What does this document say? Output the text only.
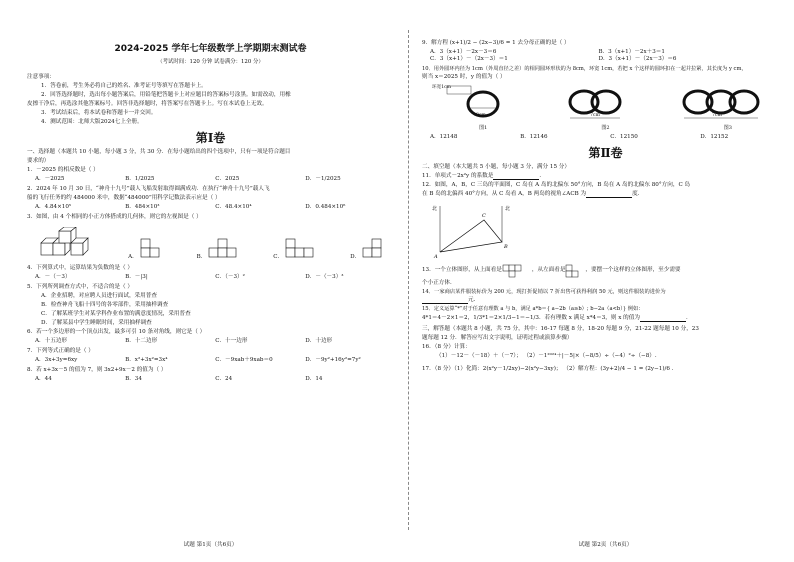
2024-2025 学年七年级数学上学期期末测试卷
（考试时间：120 分钟 试卷满分：120 分）
注意事项：
1．答卷前，考生务必将自己的姓名、准考证号等填写在答题卡上。
2．回答选择题时，选出每小题答案后，用铅笔把答题卡上对应题目的答案标号涂黑。如需改动，用橡
皮擦干净后，再选涂其他答案标号。回答非选择题时，将答案写在答题卡上。写在本试卷上无效。
3．考试结束后，将本试卷和答题卡一并交回。
4．测试范围：北师大版2024七上全册。
第Ⅰ卷
一、选择题（本题共 10 小题，每小题 3 分，共 30 分．在每小题给出的四个选项中，只有一项是符合题目
要求的）
1．－2025 的相反数是（ ）
A．－2025	B．1/2025	C．2025	D．－1/2025
2．2024 年 10 月 30 日，“神舟十九号”载人飞船发射取得圆满成功．在执行“神舟十九号”载人飞
船的飞行任务的约 484000 米中，数据“484000”用科学记数法表示应是（ ）
A．4.84×10⁵	B．484×10³	C．48.4×10⁴	D．0.484×10⁶
3．如图，由 4 个相同的小正方体搭成的几何体，则它的左视图是（ ）
A．	B．	C．	D．
4．下列算式中，运算结果为负数的是（ ）
A．－（－3）	B．－|3|	C．（－3）²	D．－（－3）³
5．下列所列调查方式中，不适合的是（ ）
A．企业招聘，对应聘人员进行面试，采用普查
B．检查神舟飞船十四号的各零部件，采用抽样调查
C．了解某班学生对某学科作业布置的满意度情况，采用普查
D．了解某县中学生睡眠时间，采用抽样调查
6．若一个多边形的一个顶点出发，最多可引 10 条对角线，则它是（ ）
A．十五边形	B．十二边形	C．十一边形	D．十边形
7．下列等式正确的是（ ）
A．3x+3y=6xy	B．x²+3x²=3x⁴	C．－9xab＋9xab＝0	D．－9y²+16y²=7y²
8．若 x+3x－5 的值为 7，则 3x2+9x－2 的值为（ ）
A．44	B．34	C．24	D．14
试题 第1页（共6页）
9．解方程 (x+1)/2 − (2x−3)/6 = 1 去分母正确的是（ ）
A．3（x+1）－2x－3＝6	B．3（x+1）－2x＋3＝1
C．3（x+1）－（2x－3）＝1	D．3（x+1）－（2x－3）＝6
10．用外圆环内径为 1cm（外周直径之差）的相同圆环形状的为 8cm，环宽 1cm，若把 x 个这样的圆环扣在一起并拉紧，其长度为 y cm，
则当 x＝2025 时，y 的值为（ ）
环宽1cm
8cm	7cm	7cm
图1	图2	图3
A．12148	B．12146	C．12150	D．12152
第Ⅱ卷
二、填空题（本大题共 5 小题，每小题 3 分，满分 15 分）
11．单项式－2x²y 的系数是	．
12．如图，A，B，C 三岛的平面图，C 岛在 A 岛的北偏东 50°方向，B 岛在 A 岛的北偏东 80°方向，C 岛
在 B 岛的北偏西 40°方向，从 C 岛看 A，B 两岛的视角∠ACB 为	度.
北	北
A
B
C
13．一个立体图形，从上面看是	，从左面看是	，要摆一个这样的立体图形，至少需要
个小正方体.
14．一家商店某件服装标价为 200 元，现打折促销以 7 折出售可获得利润 50 元，则这件服装的进价为
元.
15．定义运算“*”对于任意有理数 a 与 b，满足 a*b＝{ a−2b（a≥b）; b−2a（a<b）} 例如：
4*1＝4－2×1＝2，1/3*1＝2×1/3−1＝−1/3．若有理数 x 满足 x*4＝3，则 x 的值为	．
三，解答题（本题共 8 小题，共 75 分，其中：16-17 每题 8 分，18-20 每题 9 分，21-22 题每题 10 分，23
题每题 12 分．解答应写出文字说明，证明过程或演算步骤）
16．（8 分）计算：
（1）－12－（－18）＋（－7）； （2）－1²⁰²⁴＋|－5|×（−8/5）÷（−4）²÷（−8）.
17．（8 分）（1）化简：2(x²y－1/2xy)−2(x²y−3xy)； （2）解方程：(3y+2)/4 − 1 = (2y−1)/6 .
试题 第2页（共6页）
